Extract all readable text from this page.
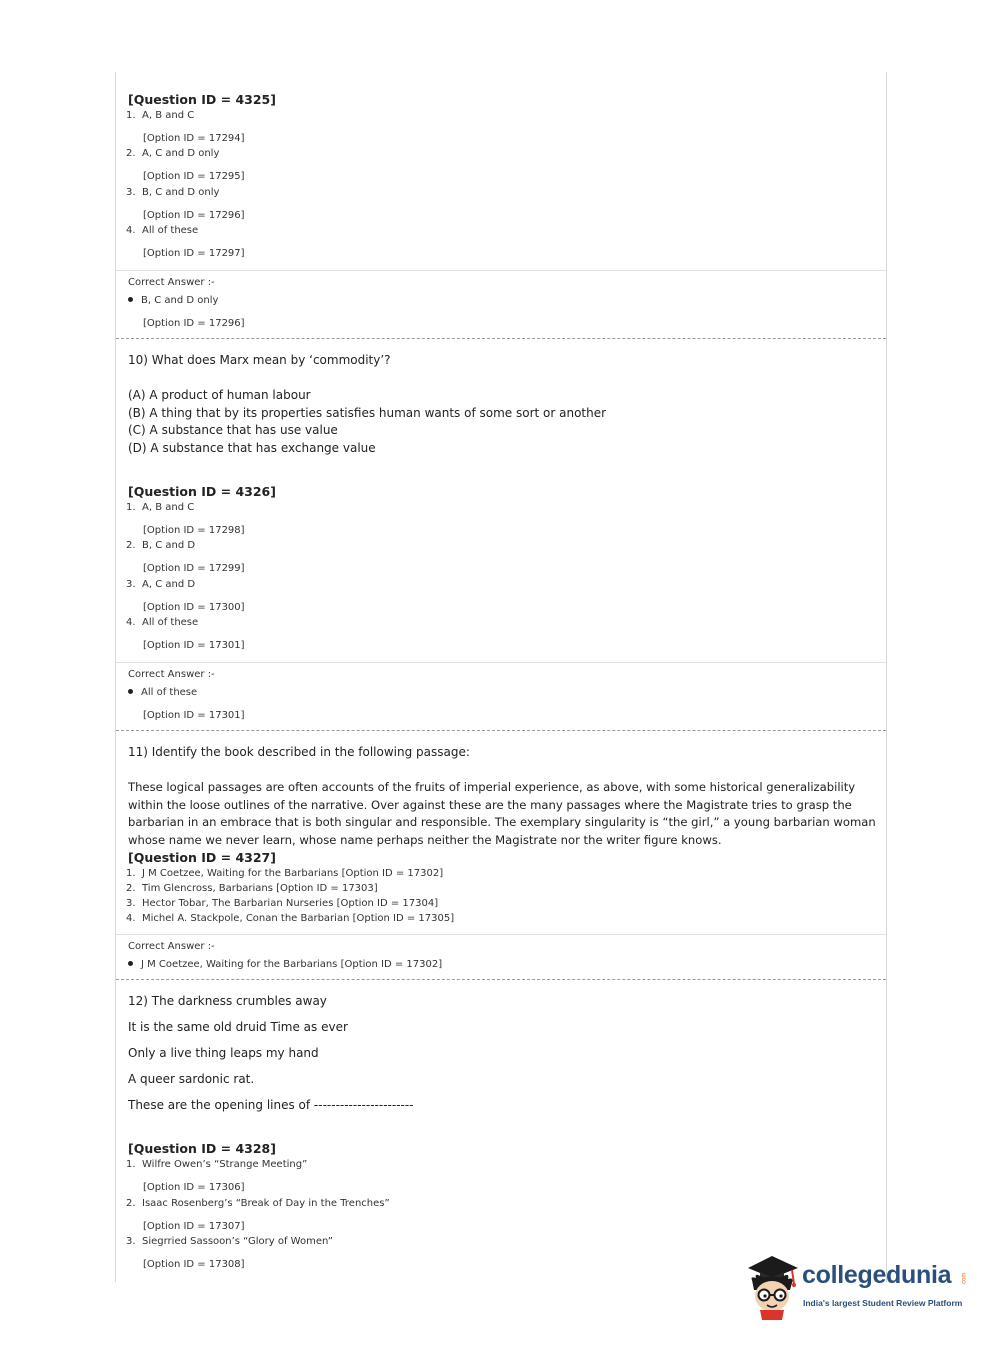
[Question ID = 4325]
1. A, B and C
[Option ID = 17294]
2. A, C and D only
[Option ID = 17295]
3. B, C and D only
[Option ID = 17296]
4. All of these
[Option ID = 17297]
Correct Answer :-
B, C and D only
[Option ID = 17296]
10) What does Marx mean by ‘commodity’?
(A) A product of human labour
(B) A thing that by its properties satisfies human wants of some sort or another
(C) A substance that has use value
(D) A substance that has exchange value
[Question ID = 4326]
1. A, B and C
[Option ID = 17298]
2. B, C and D
[Option ID = 17299]
3. A, C and D
[Option ID = 17300]
4. All of these
[Option ID = 17301]
Correct Answer :-
All of these
[Option ID = 17301]
11) Identify the book described in the following passage:
These logical passages are often accounts of the fruits of imperial experience, as above, with some historical generalizability within the loose outlines of the narrative. Over against these are the many passages where the Magistrate tries to grasp the barbarian in an embrace that is both singular and responsible. The exemplary singularity is “the girl,” a young barbarian woman whose name we never learn, whose name perhaps neither the Magistrate nor the writer figure knows.
[Question ID = 4327]
1. J M Coetzee, Waiting for the Barbarians [Option ID = 17302]
2. Tim Glencross, Barbarians [Option ID = 17303]
3. Hector Tobar, The Barbarian Nurseries [Option ID = 17304]
4. Michel A. Stackpole, Conan the Barbarian [Option ID = 17305]
Correct Answer :-
J M Coetzee, Waiting for the Barbarians [Option ID = 17302]
12) The darkness crumbles away
It is the same old druid Time as ever
Only a live thing leaps my hand
A queer sardonic rat.
These are the opening lines of -----------------------
[Question ID = 4328]
1. Wilfre Owen’s “Strange Meeting”
[Option ID = 17306]
2. Isaac Rosenberg’s “Break of Day in the Trenches”
[Option ID = 17307]
3. Siegrried Sassoon’s “Glory of Women”
[Option ID = 17308]	collegedunia .com
India's largest Student Review Platform
